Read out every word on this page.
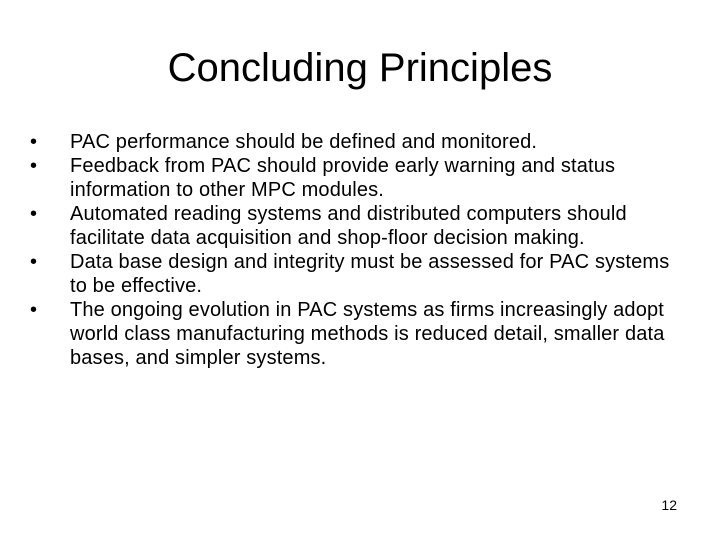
Concluding Principles
•	PAC performance should be defined and monitored.
•	Feedback from PAC should provide early warning and status information to other MPC modules.
•	Automated reading systems and distributed computers should facilitate data acquisition and shop-floor decision making.
•	Data base design and integrity must be assessed for PAC systems to be effective.
•	The ongoing evolution in PAC systems as firms increasingly adopt world class manufacturing methods is reduced detail, smaller data bases, and simpler systems.
12
